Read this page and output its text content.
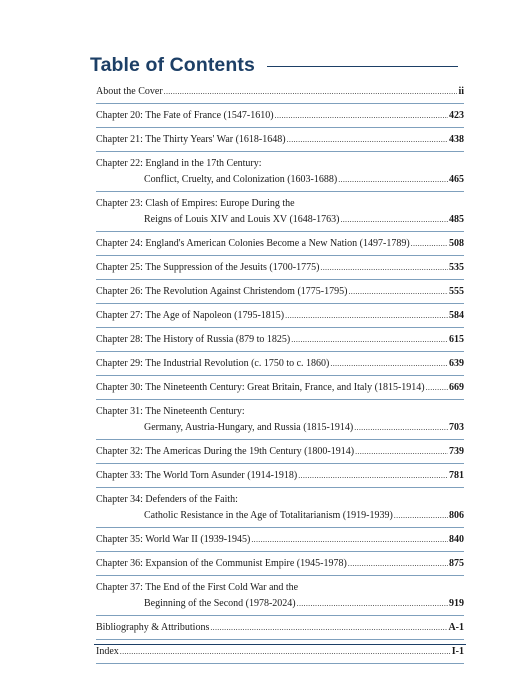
Table of Contents
About the Cover .....	ii
Chapter 20: The Fate of France (1547-1610) .....	423
Chapter 21: The Thirty Years' War (1618-1648) .....	438
Chapter 22: England in the 17th Century:
Conflict, Cruelty, and Colonization (1603-1688) .....	465
Chapter 23: Clash of Empires: Europe During the
Reigns of Louis XIV and Louis XV (1648-1763) .....	485
Chapter 24: England's American Colonies Become a New Nation (1497-1789) .....	508
Chapter 25: The Suppression of the Jesuits (1700-1775) .....	535
Chapter 26: The Revolution Against Christendom (1775-1795) .....	555
Chapter 27: The Age of Napoleon (1795-1815) .....	584
Chapter 28: The History of Russia (879 to 1825) .....	615
Chapter 29: The Industrial Revolution (c. 1750 to c. 1860) .....	639
Chapter 30: The Nineteenth Century: Great Britain, France, and Italy (1815-1914) ..... 669
Chapter 31: The Nineteenth Century:
Germany, Austria-Hungary, and Russia (1815-1914) .....	703
Chapter 32: The Americas During the 19th Century (1800-1914) .....	739
Chapter 33: The World Torn Asunder (1914-1918) .....	781
Chapter 34: Defenders of the Faith:
Catholic Resistance in the Age of Totalitarianism (1919-1939) .....	806
Chapter 35: World War II (1939-1945) .....	840
Chapter 36: Expansion of the Communist Empire (1945-1978) .....	875
Chapter 37: The End of the First Cold War and the
Beginning of the Second (1978-2024) .....	919
Bibliography & Attributions .....	A-1
Index .....	I-1
